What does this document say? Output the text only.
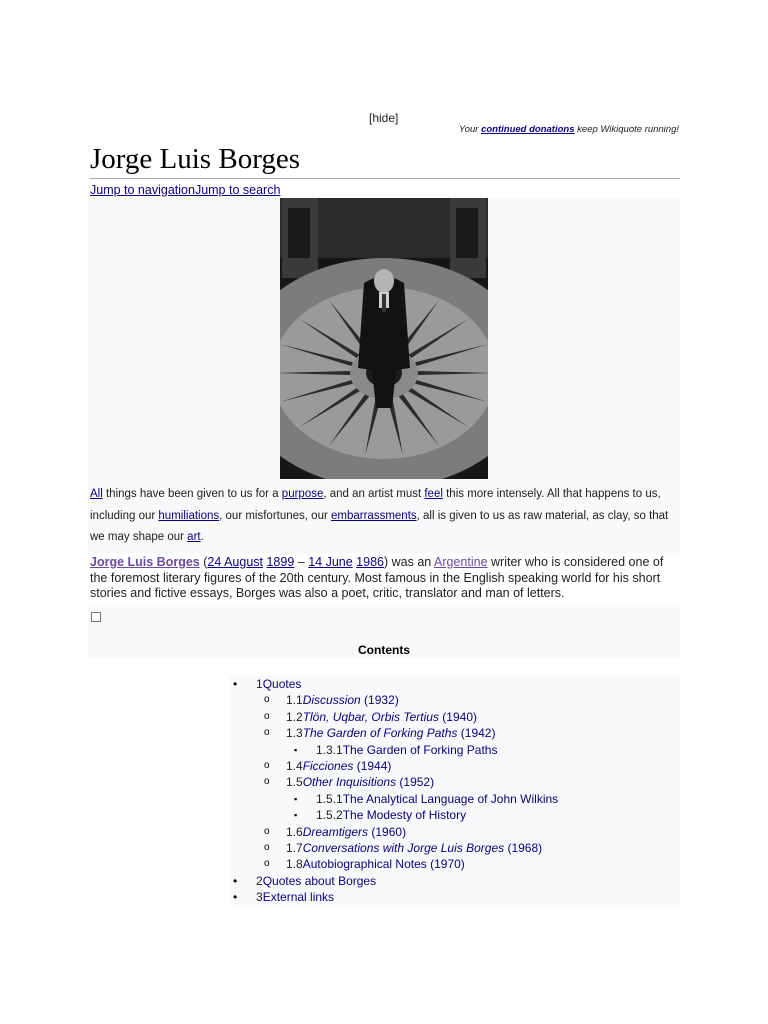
[hide]
Your continued donations keep Wikiquote running!
Jorge Luis Borges
Jump to navigationJump to search
All things have been given to us for a purpose, and an artist must feel this more intensely. All that happens to us, including our humiliations, our misfortunes, our embarrassments, all is given to us as raw material, as clay, so that we may shape our art.
Jorge Luis Borges (24 August 1899 – 14 June 1986) was an Argentine writer who is considered one of the foremost literary figures of the 20th century. Most famous in the English speaking world for his short stories and fictive essays, Borges was also a poet, critic, translator and man of letters.
Contents
• 1Quotes
o 1.1Discussion (1932)
o 1.2Tlön, Uqbar, Orbis Tertius (1940)
o 1.3The Garden of Forking Paths (1942)
▪ 1.3.1The Garden of Forking Paths
o 1.4Ficciones (1944)
o 1.5Other Inquisitions (1952)
▪ 1.5.1The Analytical Language of John Wilkins
▪ 1.5.2The Modesty of History
o 1.6Dreamtigers (1960)
o 1.7Conversations with Jorge Luis Borges (1968)
o 1.8Autobiographical Notes (1970)
• 2Quotes about Borges
• 3External links
